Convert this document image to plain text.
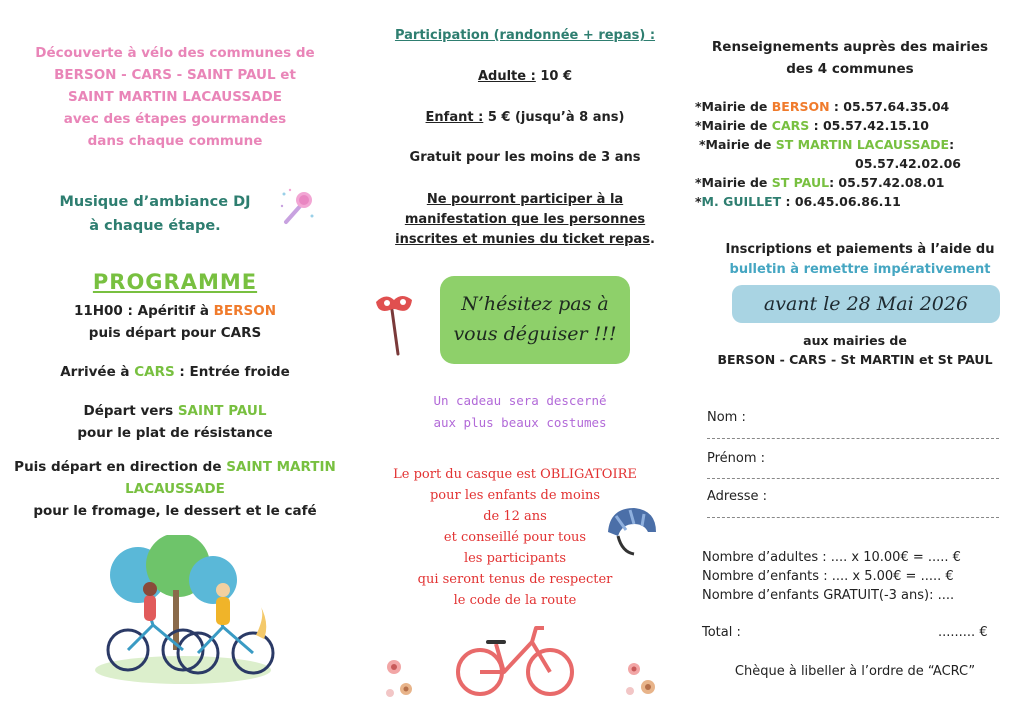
Découverte à vélo des communes de
BERSON - CARS - SAINT PAUL et
SAINT MARTIN LACAUSSADE
avec des étapes gourmandes
dans chaque commune
Musique d’ambiance DJ
à chaque étape.
PROGRAMME
11H00 : Apéritif à BERSON
puis départ pour CARS
Arrivée à CARS : Entrée froide
Départ vers SAINT PAUL
pour le plat de résistance
Puis départ en direction de SAINT MARTIN
LACAUSSADE
pour le fromage, le dessert et le café
Participation (randonnée + repas) :
Adulte : 10 €
Enfant : 5 € (jusqu’à 8 ans)
Gratuit pour les moins de 3 ans
Ne pourront participer à la
manifestation que les personnes
inscrites et munies du ticket repas.
N’hésitez pas à
vous déguiser !!!
Un cadeau sera descerné
aux plus beaux costumes
Le port du casque est OBLIGATOIRE
pour les enfants de moins
de 12 ans
et conseillé pour tous
les participants
qui seront tenus de respecter
le code de la route
Renseignements auprès des mairies
des 4 communes
*Mairie de BERSON : 05.57.64.35.04
*Mairie de CARS : 05.57.42.15.10
*Mairie de ST MARTIN LACAUSSADE:
05.57.42.02.06
*Mairie de ST PAUL: 05.57.42.08.01
*M. GUILLET : 06.45.06.86.11
Inscriptions et paiements à l’aide du
bulletin à remettre impérativement
avant le 28 Mai 2026
aux mairies de
BERSON - CARS - St MARTIN et St PAUL
Nom :
Prénom :
Adresse :
Nombre d’adultes : .... x 10.00€ = ..... €
Nombre d’enfants : .... x 5.00€ = ..... €
Nombre d’enfants GRATUIT(-3 ans): ....
Total :	......... €
Chèque à libeller à l’ordre de “ACRC”
